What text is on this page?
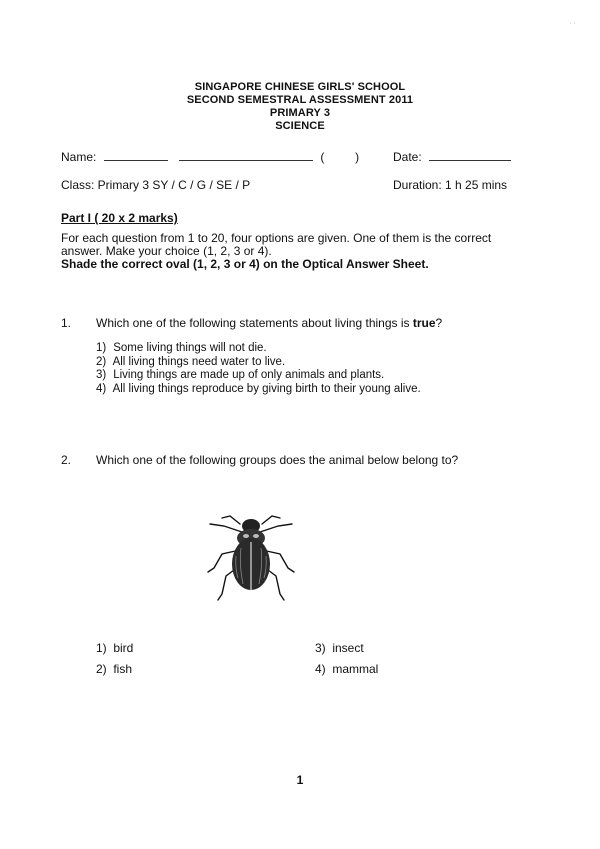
· ·
SINGAPORE CHINESE GIRLS' SCHOOL
SECOND SEMESTRAL ASSESSMENT 2011
PRIMARY 3
SCIENCE
Name:	(	)	Date:
Class: Primary 3 SY / C / G / SE / P	Duration: 1 h 25 mins
Part I ( 20 x 2 marks)
For each question from 1 to 20, four options are given. One of them is the correct answer. Make your choice (1, 2, 3 or 4).
Shade the correct oval (1, 2, 3 or 4) on the Optical Answer Sheet.
1. Which one of the following statements about living things is true?
1) Some living things will not die.
2) All living things need water to live.
3) Living things are made up of only animals and plants.
4) All living things reproduce by giving birth to their young alive.
2. Which one of the following groups does the animal below belong to?
1) bird
2) fish
3) insect
4) mammal
1
